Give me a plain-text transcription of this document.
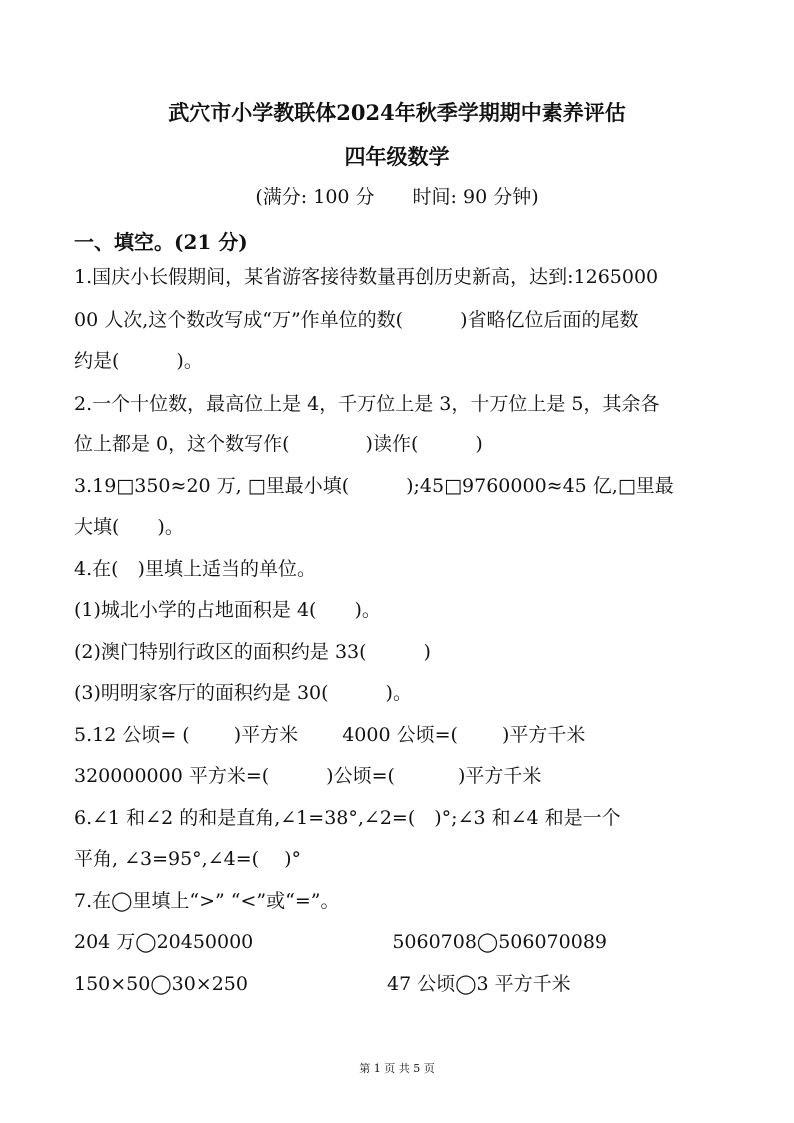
武穴市小学教联体2024年秋季学期期中素养评估
四年级数学
(满分: 100 分　　时间: 90 分钟)
一、填空。(21 分)
1.国庆小长假期间，某省游客接待数量再创历史新高，达到:1265000
00 人次,这个数改写成“万”作单位的数(　　　)省略亿位后面的尾数
约是(　　　)。
2.一个十位数，最高位上是 4，千万位上是 3，十万位上是 5，其余各
位上都是 0，这个数写作(　　　　)读作(　　　)
3.19□350≈20 万, □里最小填(　　　);45□9760000≈45 亿,□里最
大填(　　)。
4.在(　)里填上适当的单位。
(1)城北小学的占地面积是 4(　　)。
(2)澳门特别行政区的面积约是 33(　　　)
(3)明明家客厅的面积约是 30(　　　)。
5.12 公顷= (　　 )平方米　　 4000 公顷=(　　 )平方千米
320000000 平方米=(　　　)公顷=(　　　 )平方千米
6.∠1 和∠2 的和是直角,∠1=38°,∠2=(　)°;∠3 和∠4 和是一个
平角, ∠3=95°,∠4=(　 )°
7.在◯里填上“>” “<”或“=”。
204 万◯20450000　　　　　　　 5060708◯506070089
150×50◯30×250　　　　　　　 47 公顷◯3 平方千米
第 1 页 共 5 页
